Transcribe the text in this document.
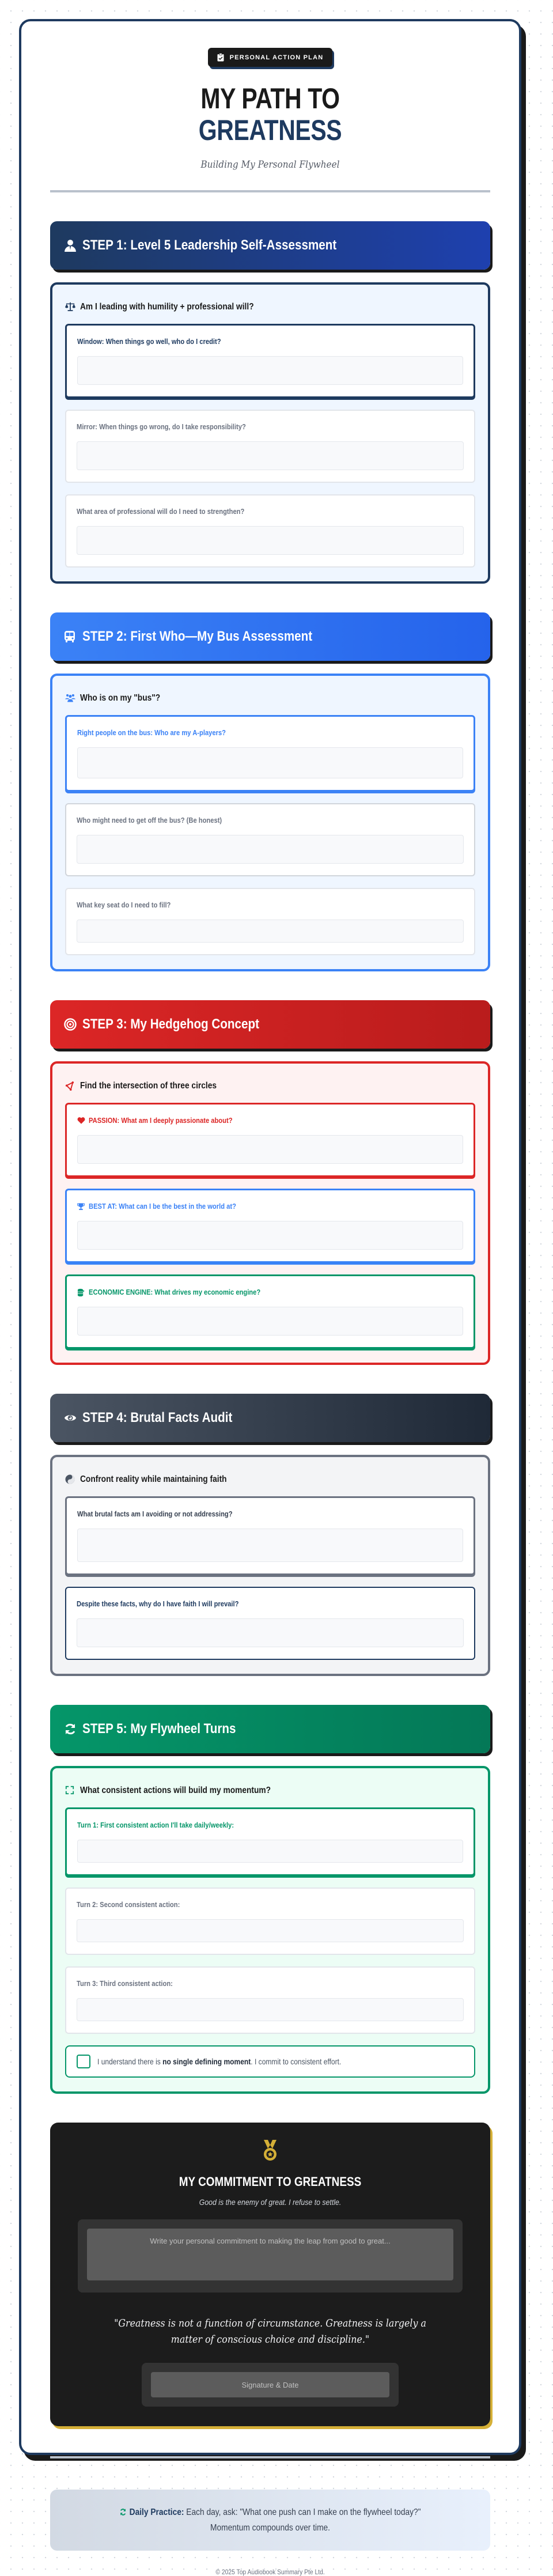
PERSONAL ACTION PLAN
MY PATH TO
GREATNESS
Building My Personal Flywheel
STEP 1: Level 5 Leadership Self-Assessment
Am I leading with humility + professional will?
Window: When things go well, who do I credit?
Mirror: When things go wrong, do I take responsibility?
What area of professional will do I need to strengthen?
STEP 2: First Who—My Bus Assessment
Who is on my "bus"?
Right people on the bus: Who are my A-players?
Who might need to get off the bus? (Be honest)
What key seat do I need to fill?
STEP 3: My Hedgehog Concept
Find the intersection of three circles
PASSION: What am I deeply passionate about?
BEST AT: What can I be the best in the world at?
ECONOMIC ENGINE: What drives my economic engine?
STEP 4: Brutal Facts Audit
Confront reality while maintaining faith
What brutal facts am I avoiding or not addressing?
Despite these facts, why do I have faith I will prevail?
STEP 5: My Flywheel Turns
What consistent actions will build my momentum?
Turn 1: First consistent action I'll take daily/weekly:
Turn 2: Second consistent action:
Turn 3: Third consistent action:
I understand there is no single defining moment. I commit to consistent effort.
MY COMMITMENT TO GREATNESS
Good is the enemy of great. I refuse to settle.
Write your personal commitment to making the leap from good to great...
"Greatness is not a function of circumstance. Greatness is largely a matter of conscious choice and discipline."
Signature & Date
Daily Practice: Each day, ask: "What one push can I make on the flywheel today?" Momentum compounds over time.
© 2025 Top Audiobook Summary Pte Ltd.
